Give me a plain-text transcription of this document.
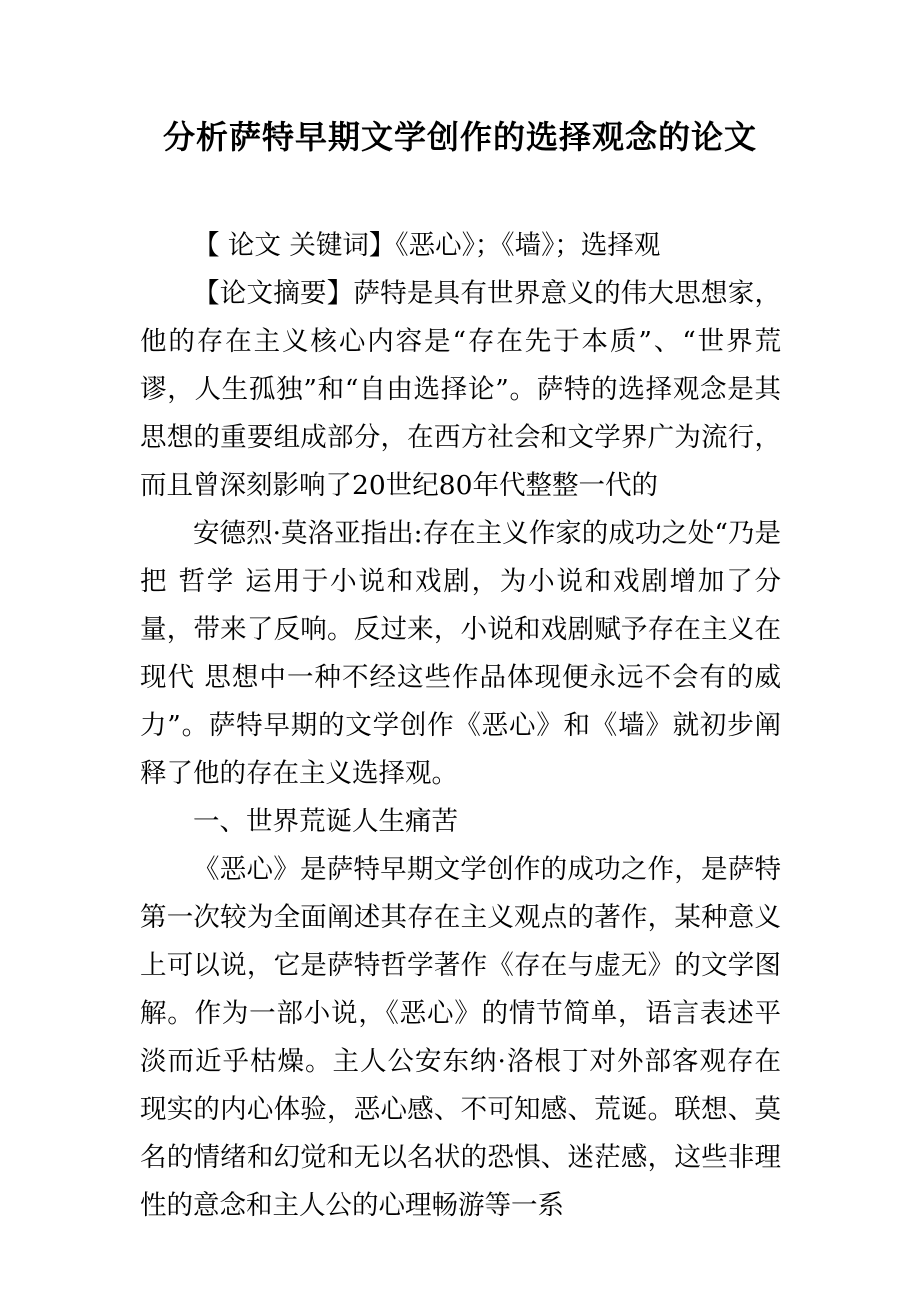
分析萨特早期文学创作的选择观念的论文

【 论文 关键词】《恶心》；《墙》；选择观

【论文摘要】萨特是具有世界意义的伟大思想家，他的存在主义核心内容是“存在先于本质”、“世界荒谬，人生孤独”和“自由选择论”。萨特的选择观念是其思想的重要组成部分，在西方社会和文学界广为流行，而且曾深刻影响了20世纪80年代整整一代的

安德烈·莫洛亚指出:存在主义作家的成功之处“乃是把 哲学 运用于小说和戏剧，为小说和戏剧增加了分量，带来了反响。反过来，小说和戏剧赋予存在主义在 现代 思想中一种不经这些作品体现便永远不会有的威力”。萨特早期的文学创作《恶心》和《墙》就初步阐释了他的存在主义选择观。

一、世界荒诞人生痛苦

《恶心》是萨特早期文学创作的成功之作，是萨特第一次较为全面阐述其存在主义观点的著作，某种意义上可以说，它是萨特哲学著作《存在与虚无》的文学图解。作为一部小说，《恶心》的情节简单，语言表述平淡而近乎枯燥。主人公安东纳·洛根丁对外部客观存在现实的内心体验，恶心感、不可知感、荒诞。联想、莫名的情绪和幻觉和无以名状的恐惧、迷茫感，这些非理性的意念和主人公的心理畅游等一系
